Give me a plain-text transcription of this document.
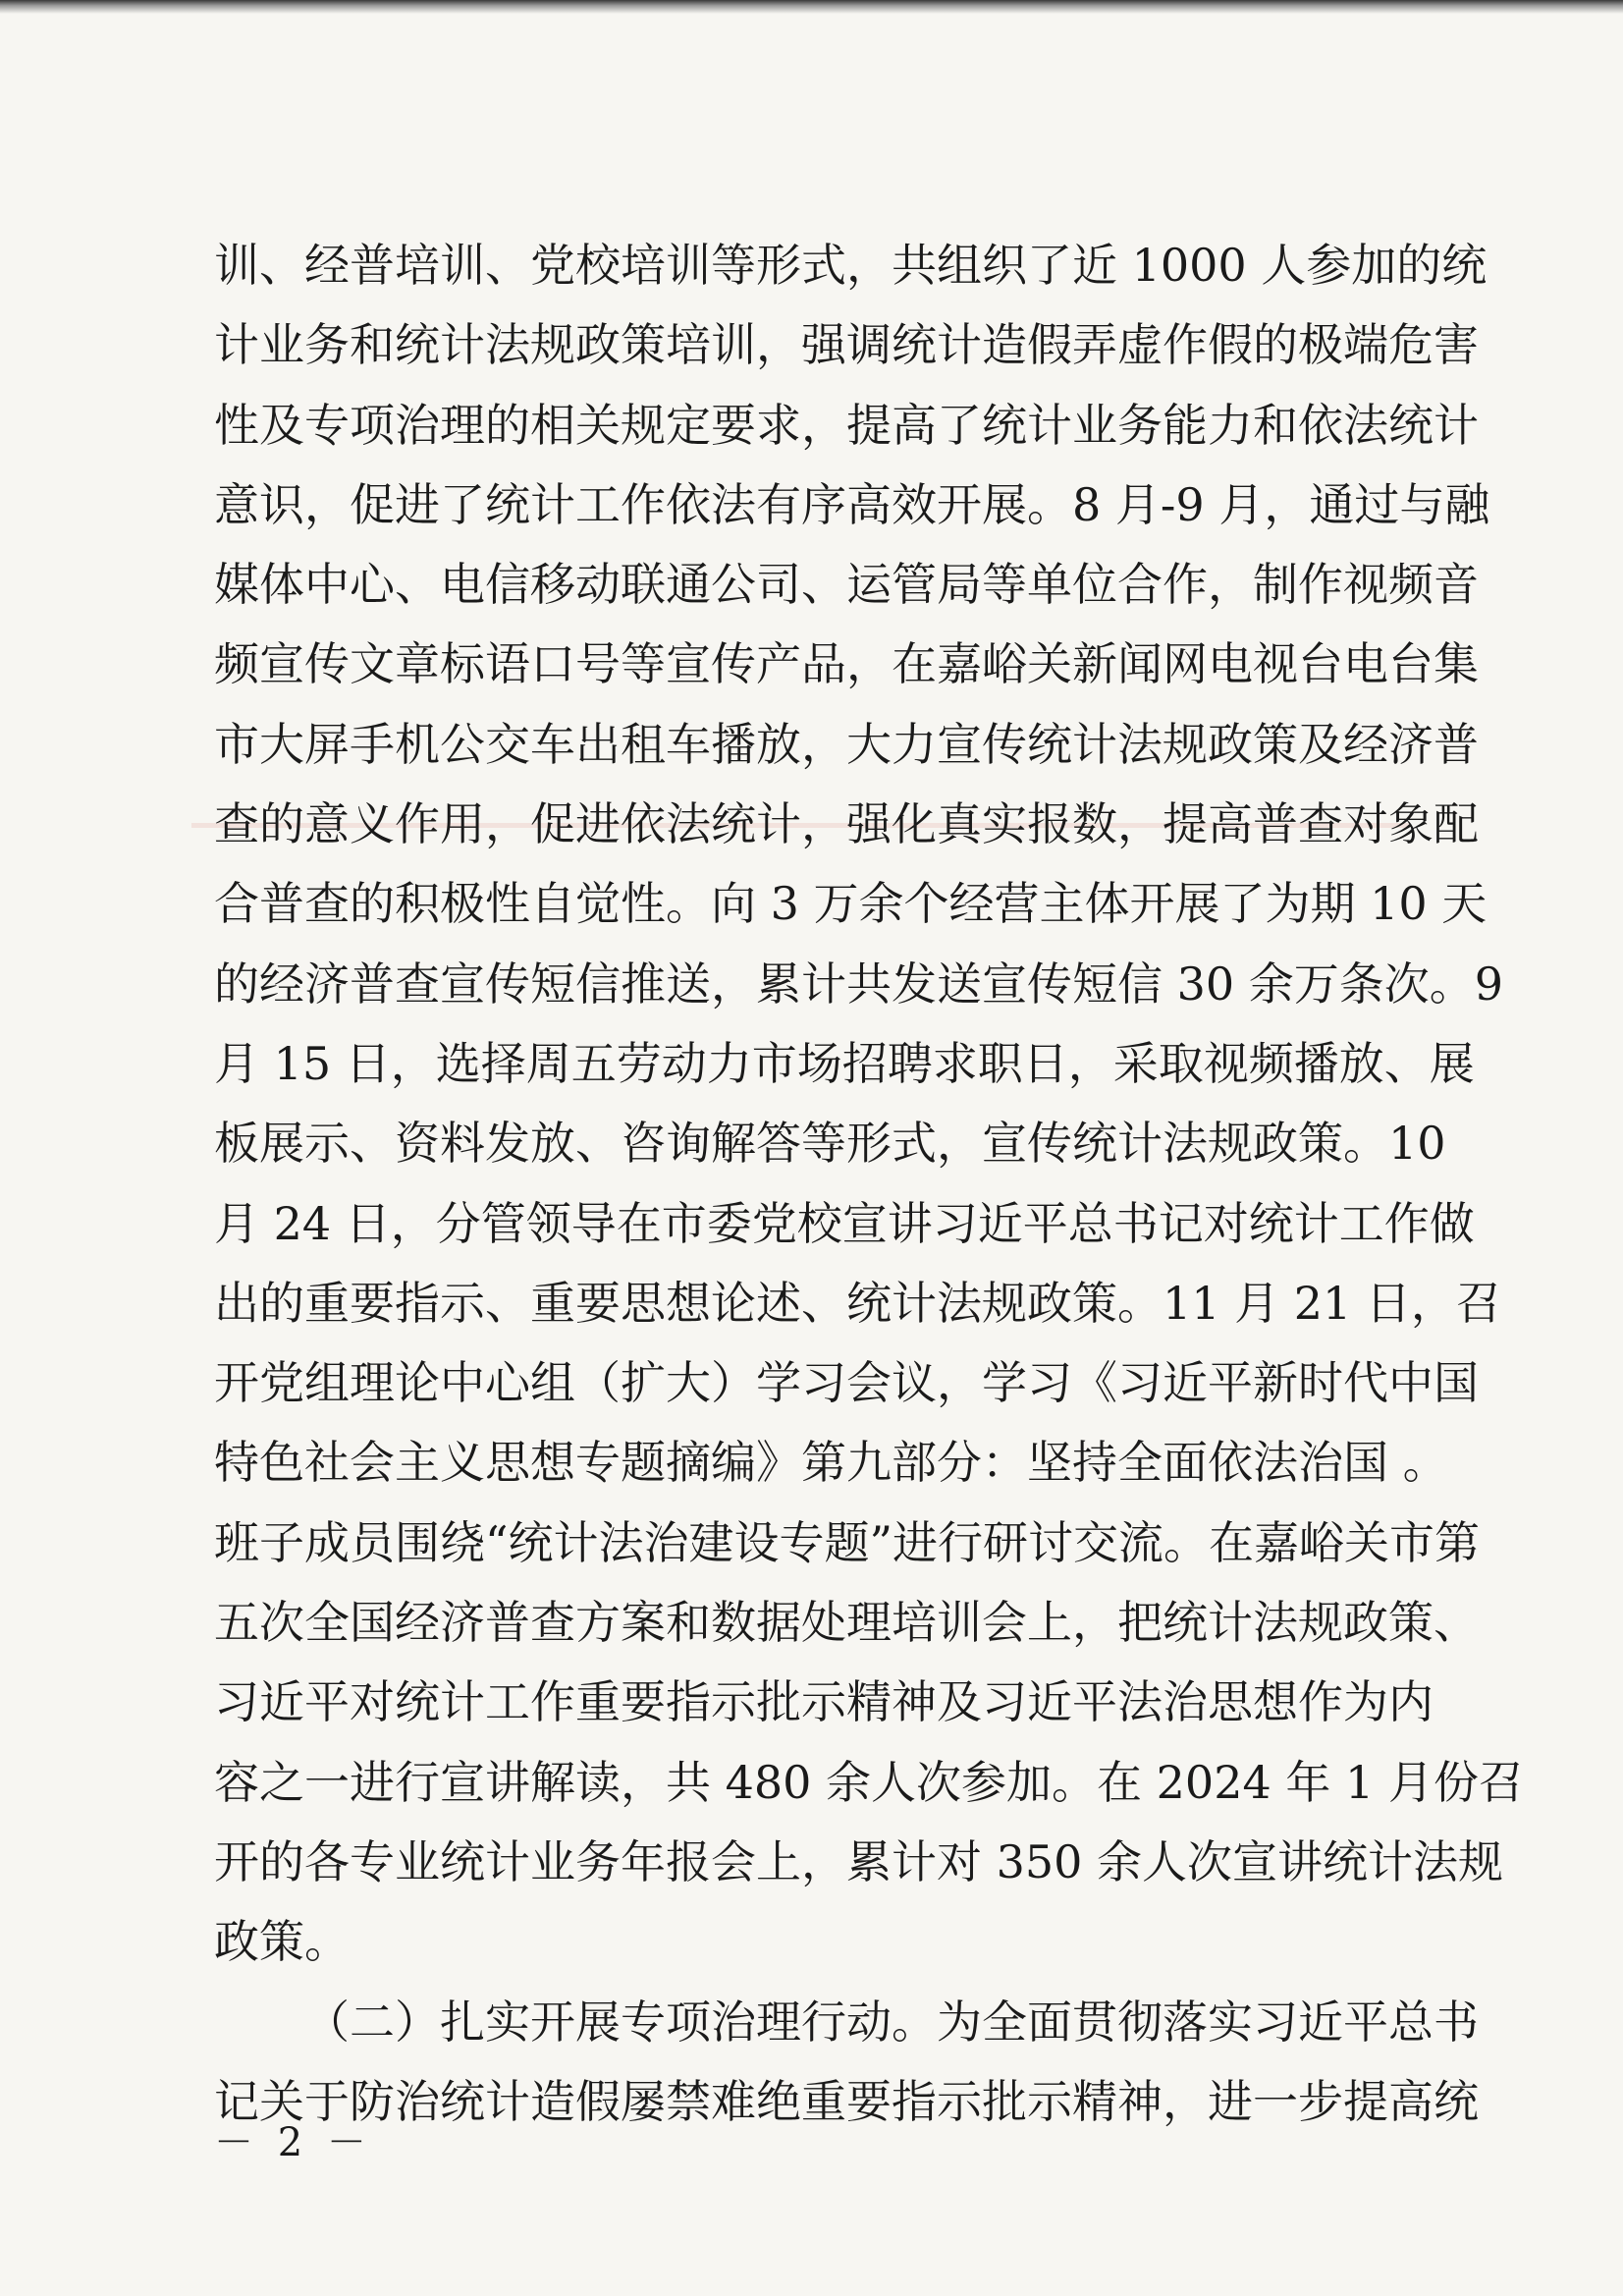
训、经普培训、党校培训等形式，共组织了近 1000 人参加的统
计业务和统计法规政策培训，强调统计造假弄虚作假的极端危害
性及专项治理的相关规定要求，提高了统计业务能力和依法统计
意识，促进了统计工作依法有序高效开展。8 月-9 月，通过与融
媒体中心、电信移动联通公司、运管局等单位合作，制作视频音
频宣传文章标语口号等宣传产品，在嘉峪关新闻网电视台电台集
市大屏手机公交车出租车播放，大力宣传统计法规政策及经济普
查的意义作用，促进依法统计，强化真实报数，提高普查对象配
合普查的积极性自觉性。向 3 万余个经营主体开展了为期 10 天
的经济普查宣传短信推送，累计共发送宣传短信 30 余万条次。9
月 15 日，选择周五劳动力市场招聘求职日，采取视频播放、展
板展示、资料发放、咨询解答等形式，宣传统计法规政策。10
月 24 日，分管领导在市委党校宣讲习近平总书记对统计工作做
出的重要指示、重要思想论述、统计法规政策。11 月 21 日，召
开党组理论中心组（扩大）学习会议，学习《习近平新时代中国
特色社会主义思想专题摘编》第九部分：坚持全面依法治国 。
班子成员围绕“统计法治建设专题”进行研讨交流。在嘉峪关市第
五次全国经济普查方案和数据处理培训会上，把统计法规政策、
习近平对统计工作重要指示批示精神及习近平法治思想作为内
容之一进行宣讲解读，共 480 余人次参加。在 2024 年 1 月份召
开的各专业统计业务年报会上，累计对 350 余人次宣讲统计法规
政策。
（二）扎实开展专项治理行动。为全面贯彻落实习近平总书
记关于防治统计造假屡禁难绝重要指示批示精神，进一步提高统
－ 2 －
